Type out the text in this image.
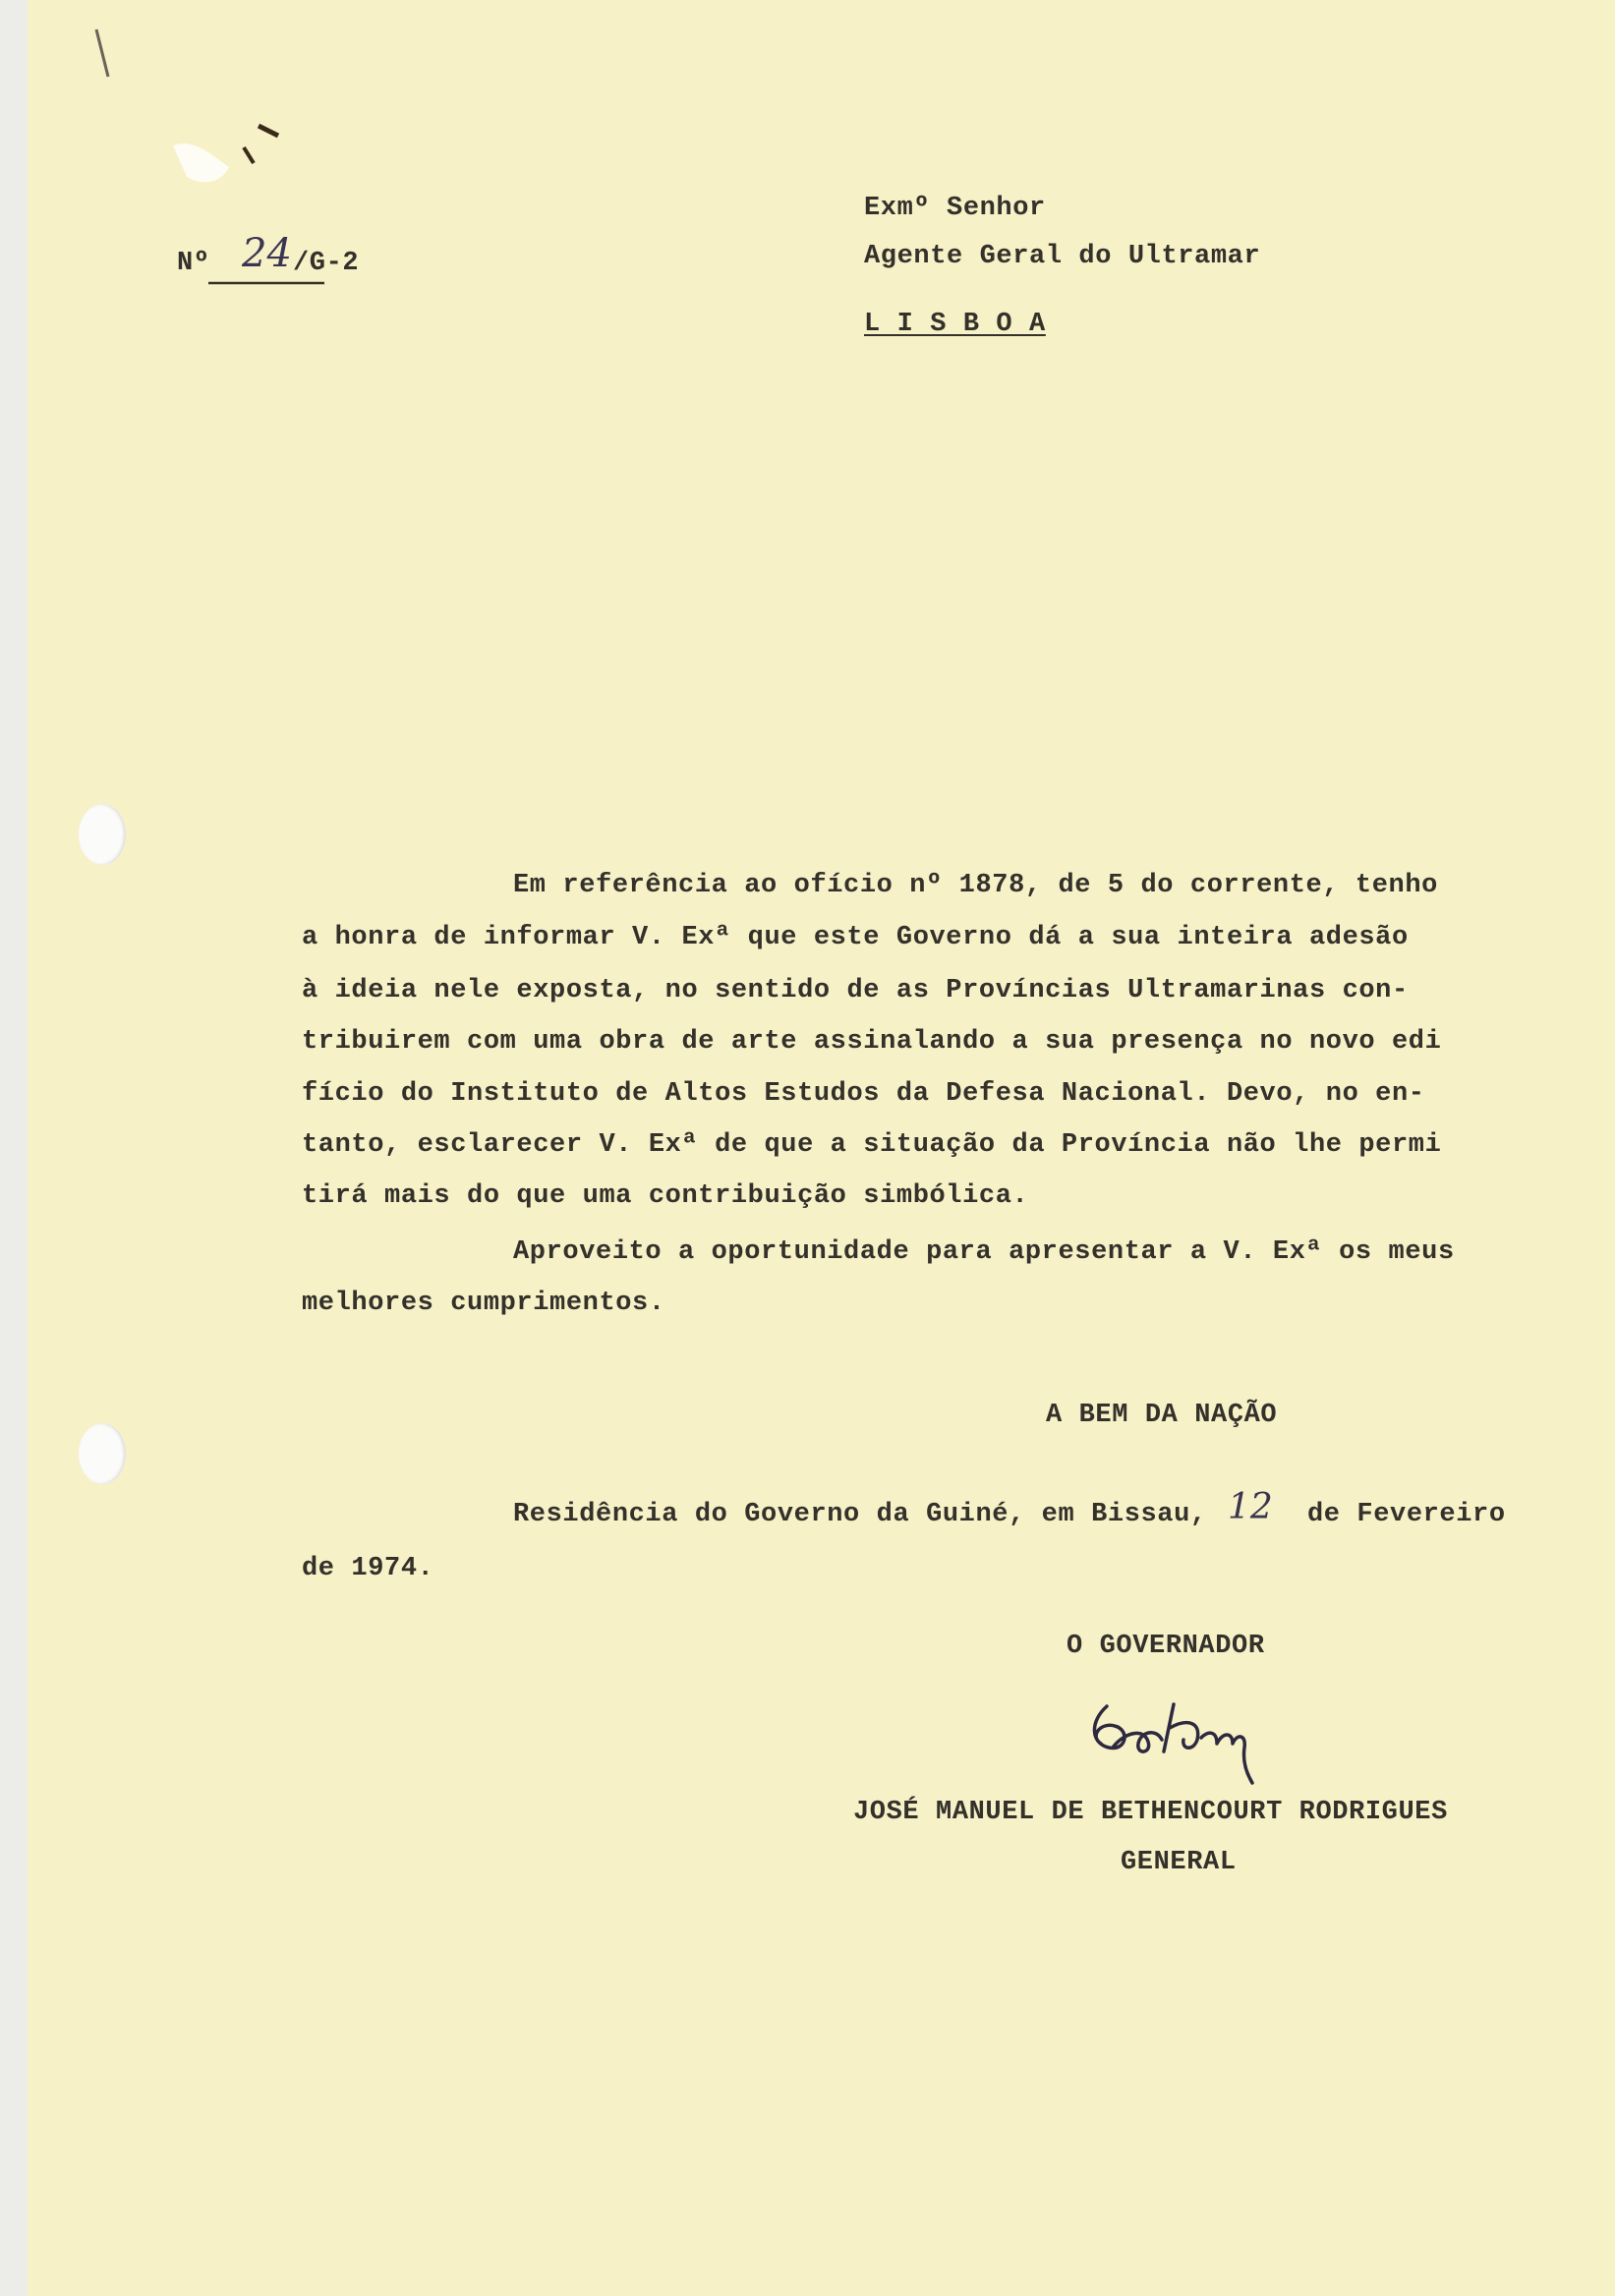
Nº 24 /G-2
Exmº Senhor
Agente Geral do Ultramar
L I S B O A
Em referência ao ofício nº 1878, de 5 do corrente, tenho
a honra de informar V. Exª que este Governo dá a sua inteira adesão
à ideia nele exposta, no sentido de as Províncias Ultramarinas con-
tribuirem com uma obra de arte assinalando a sua presença no novo edi
fício do Instituto de Altos Estudos da Defesa Nacional. Devo, no en-
tanto, esclarecer V. Exª de que a situação da Província não lhe permi
tirá mais do que uma contribuição simbólica.
Aproveito a oportunidade para apresentar a V. Exª os meus
melhores cumprimentos.
A BEM DA NAÇÃO
Residência do Governo da Guiné, em Bissau, 12 de Fevereiro
de 1974.
O GOVERNADOR
JOSÉ MANUEL DE BETHENCOURT RODRIGUES
GENERAL
